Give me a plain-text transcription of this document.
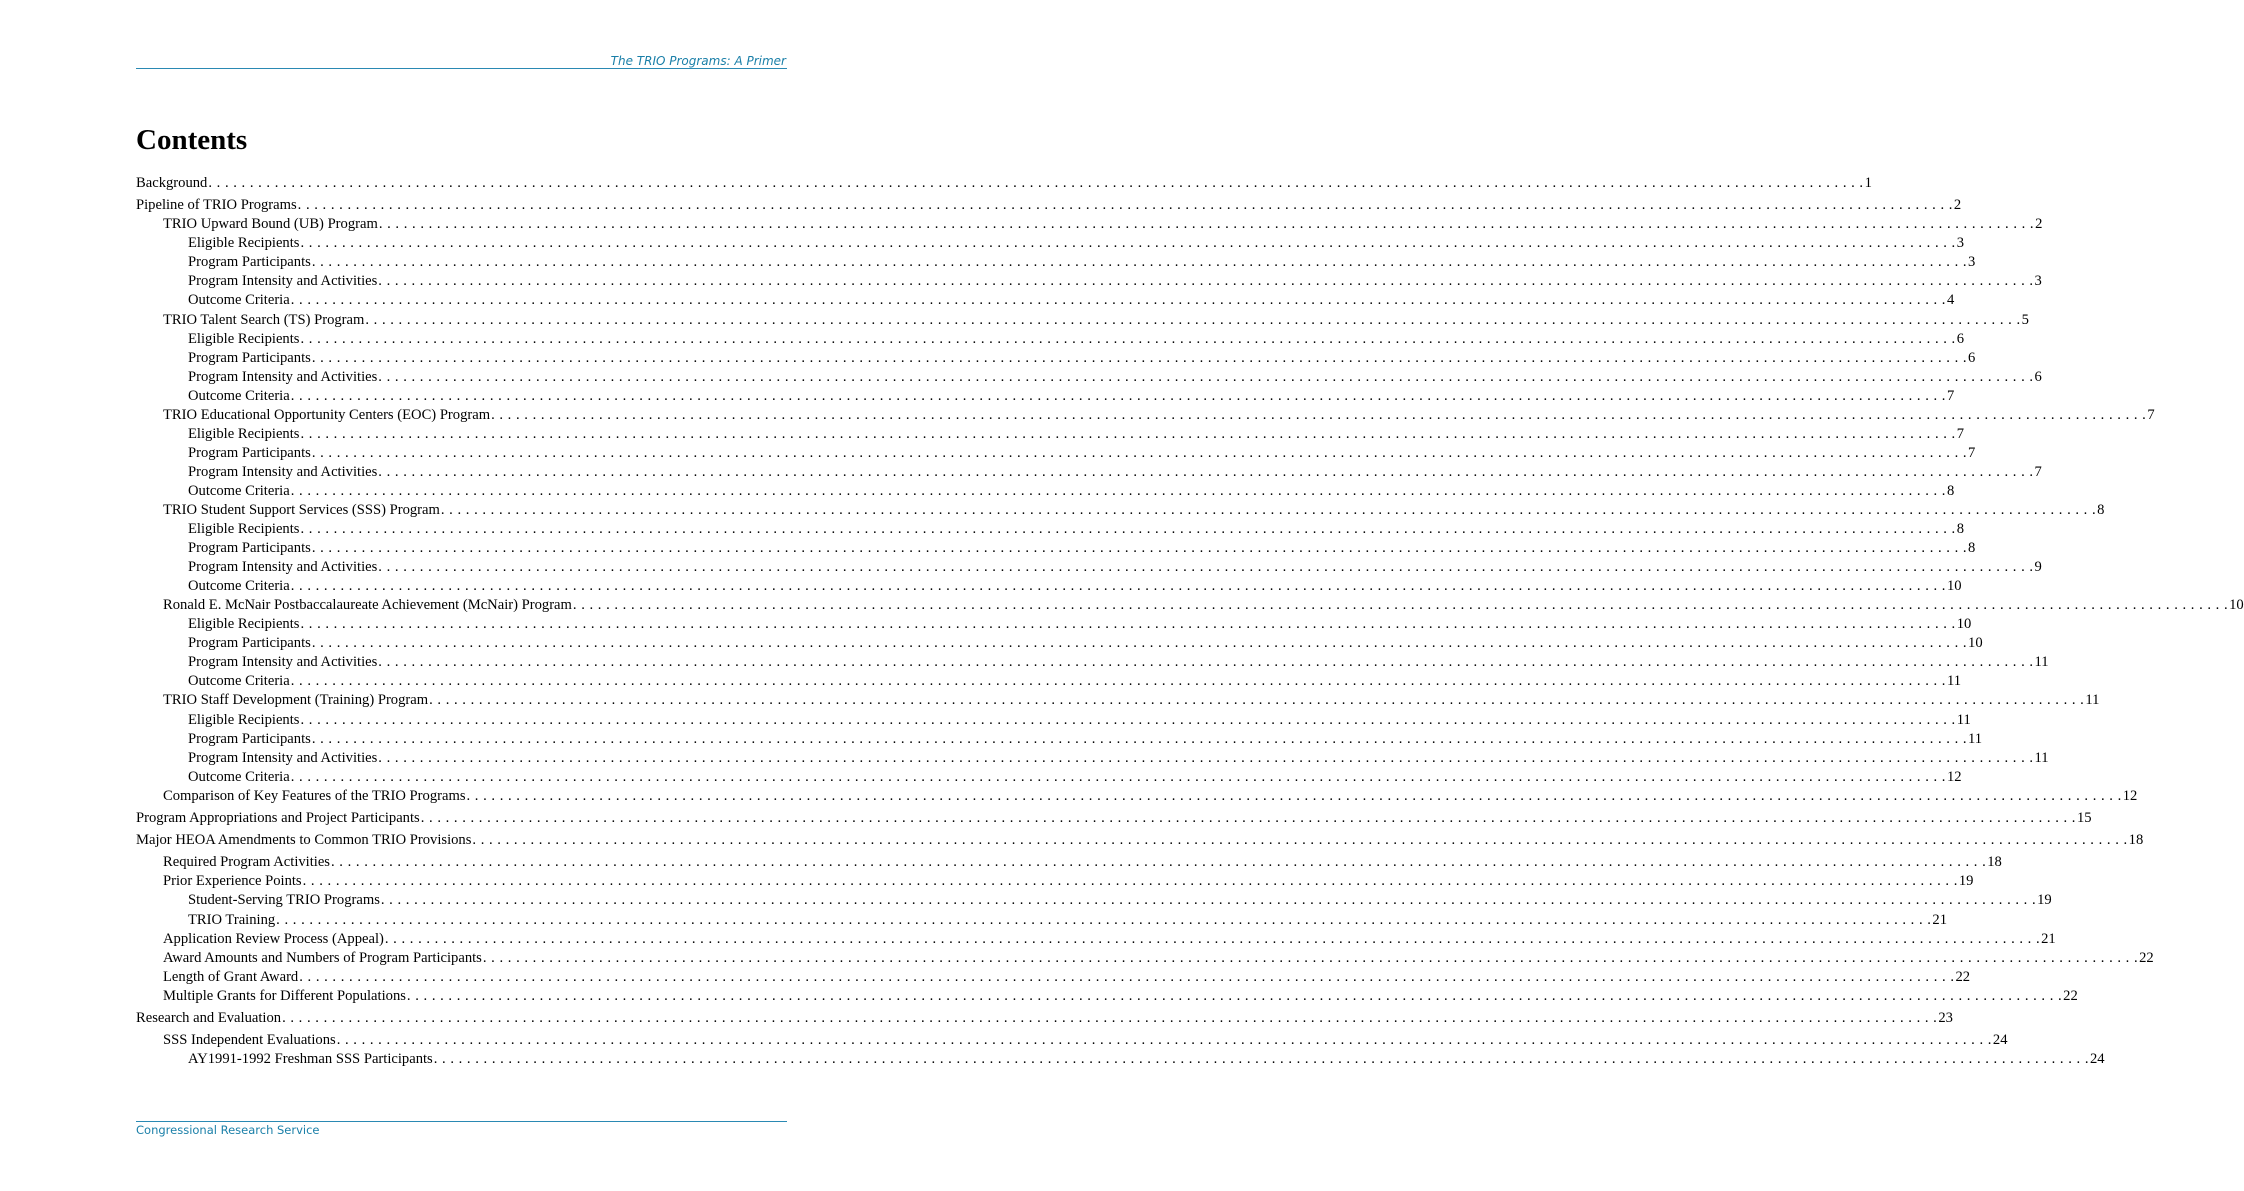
The TRIO Programs: A Primer
Contents
Background . . . . . . . . . . . . . . . . . . . . . . . . . . . . . . . . . . . . . . . . . . . . . . . . . . . . . . . . . . . . . . . . . . . . . . . . . . . . . . . . . . . . . . . . . . . . . . . . . . . . . . . . . . . . . . . . . . . . . . . . . . . . . . . . . . . . . . . . . . . . . . . . . . . . . . . . . . . . . . . . . . . . . . . . . . . . . . . . . . . . . . . . . . . . . . . . . . . . . . . . 1
Pipeline of TRIO Programs . . . . . . . . . . . . . . . . . . . . . . . . . . . . . . . . . . . . . . . . . . . . . . . . . . . . . . . . . . . . . . . . . . . . . . . . . . . . . . . . . . . . . . . . . . . . . . . . . . . . . . . . . . . . . . . . . . . . . . . . . . . . . . . . . . . . . . . . . . . . . . . . . . . . . . . . . . . . . . . . . . . . . . . . . . . . . . . . . . . . . . . . . . . . . . . . . . . . . . . . 2
TRIO Upward Bound (UB) Program . . . . . . . . . . . . . . . . . . . . . . . . . . . . . . . . . . . . . . . . . . . . . . . . . . . . . . . . . . . . . . . . . . . . . . . . . . . . . . . . . . . . . . . . . . . . . . . . . . . . . . . . . . . . . . . . . . . . . . . . . . . . . . . . . . . . . . . . . . . . . . . . . . . . . . . . . . . . . . . . . . . . . . . . . . . . . . . . . . . . . . . . . . . . . . . . . . . . . . . . 2
Eligible Recipients . . . . . . . . . . . . . . . . . . . . . . . . . . . . . . . . . . . . . . . . . . . . . . . . . . . . . . . . . . . . . . . . . . . . . . . . . . . . . . . . . . . . . . . . . . . . . . . . . . . . . . . . . . . . . . . . . . . . . . . . . . . . . . . . . . . . . . . . . . . . . . . . . . . . . . . . . . . . . . . . . . . . . . . . . . . . . . . . . . . . . . . . . . . . . . . . . . . . . . . . 3
Program Participants . . . . . . . . . . . . . . . . . . . . . . . . . . . . . . . . . . . . . . . . . . . . . . . . . . . . . . . . . . . . . . . . . . . . . . . . . . . . . . . . . . . . . . . . . . . . . . . . . . . . . . . . . . . . . . . . . . . . . . . . . . . . . . . . . . . . . . . . . . . . . . . . . . . . . . . . . . . . . . . . . . . . . . . . . . . . . . . . . . . . . . . . . . . . . . . . . . . . . . . . 3
Program Intensity and Activities . . . . . . . . . . . . . . . . . . . . . . . . . . . . . . . . . . . . . . . . . . . . . . . . . . . . . . . . . . . . . . . . . . . . . . . . . . . . . . . . . . . . . . . . . . . . . . . . . . . . . . . . . . . . . . . . . . . . . . . . . . . . . . . . . . . . . . . . . . . . . . . . . . . . . . . . . . . . . . . . . . . . . . . . . . . . . . . . . . . . . . . . . . . . . . . . . . . . . . . . 3
Outcome Criteria . . . . . . . . . . . . . . . . . . . . . . . . . . . . . . . . . . . . . . . . . . . . . . . . . . . . . . . . . . . . . . . . . . . . . . . . . . . . . . . . . . . . . . . . . . . . . . . . . . . . . . . . . . . . . . . . . . . . . . . . . . . . . . . . . . . . . . . . . . . . . . . . . . . . . . . . . . . . . . . . . . . . . . . . . . . . . . . . . . . . . . . . . . . . . . . . . . . . . . . . 4
TRIO Talent Search (TS) Program . . . . . . . . . . . . . . . . . . . . . . . . . . . . . . . . . . . . . . . . . . . . . . . . . . . . . . . . . . . . . . . . . . . . . . . . . . . . . . . . . . . . . . . . . . . . . . . . . . . . . . . . . . . . . . . . . . . . . . . . . . . . . . . . . . . . . . . . . . . . . . . . . . . . . . . . . . . . . . . . . . . . . . . . . . . . . . . . . . . . . . . . . . . . . . . . . . . . . . . . 5
Eligible Recipients . . . . . . . . . . . . . . . . . . . . . . . . . . . . . . . . . . . . . . . . . . . . . . . . . . . . . . . . . . . . . . . . . . . . . . . . . . . . . . . . . . . . . . . . . . . . . . . . . . . . . . . . . . . . . . . . . . . . . . . . . . . . . . . . . . . . . . . . . . . . . . . . . . . . . . . . . . . . . . . . . . . . . . . . . . . . . . . . . . . . . . . . . . . . . . . . . . . . . . . . 6
Program Participants . . . . . . . . . . . . . . . . . . . . . . . . . . . . . . . . . . . . . . . . . . . . . . . . . . . . . . . . . . . . . . . . . . . . . . . . . . . . . . . . . . . . . . . . . . . . . . . . . . . . . . . . . . . . . . . . . . . . . . . . . . . . . . . . . . . . . . . . . . . . . . . . . . . . . . . . . . . . . . . . . . . . . . . . . . . . . . . . . . . . . . . . . . . . . . . . . . . . . . . . 6
Program Intensity and Activities . . . . . . . . . . . . . . . . . . . . . . . . . . . . . . . . . . . . . . . . . . . . . . . . . . . . . . . . . . . . . . . . . . . . . . . . . . . . . . . . . . . . . . . . . . . . . . . . . . . . . . . . . . . . . . . . . . . . . . . . . . . . . . . . . . . . . . . . . . . . . . . . . . . . . . . . . . . . . . . . . . . . . . . . . . . . . . . . . . . . . . . . . . . . . . . . . . . . . . . . 6
Outcome Criteria . . . . . . . . . . . . . . . . . . . . . . . . . . . . . . . . . . . . . . . . . . . . . . . . . . . . . . . . . . . . . . . . . . . . . . . . . . . . . . . . . . . . . . . . . . . . . . . . . . . . . . . . . . . . . . . . . . . . . . . . . . . . . . . . . . . . . . . . . . . . . . . . . . . . . . . . . . . . . . . . . . . . . . . . . . . . . . . . . . . . . . . . . . . . . . . . . . . . . . . . 7
TRIO Educational Opportunity Centers (EOC) Program . . . . . . . . . . . . . . . . . . . . . . . . . . . . . . . . . . . . . . . . . . . . . . . . . . . . . . . . . . . . . . . . . . . . . . . . . . . . . . . . . . . . . . . . . . . . . . . . . . . . . . . . . . . . . . . . . . . . . . . . . . . . . . . . . . . . . . . . . . . . . . . . . . . . . . . . . . . . . . . . . . . . . . . . . . . . . . . . . . . . . . . . . . . . . . . . . . . . . . . . 7
Eligible Recipients . . . . . . . . . . . . . . . . . . . . . . . . . . . . . . . . . . . . . . . . . . . . . . . . . . . . . . . . . . . . . . . . . . . . . . . . . . . . . . . . . . . . . . . . . . . . . . . . . . . . . . . . . . . . . . . . . . . . . . . . . . . . . . . . . . . . . . . . . . . . . . . . . . . . . . . . . . . . . . . . . . . . . . . . . . . . . . . . . . . . . . . . . . . . . . . . . . . . . . . . 7
Program Participants . . . . . . . . . . . . . . . . . . . . . . . . . . . . . . . . . . . . . . . . . . . . . . . . . . . . . . . . . . . . . . . . . . . . . . . . . . . . . . . . . . . . . . . . . . . . . . . . . . . . . . . . . . . . . . . . . . . . . . . . . . . . . . . . . . . . . . . . . . . . . . . . . . . . . . . . . . . . . . . . . . . . . . . . . . . . . . . . . . . . . . . . . . . . . . . . . . . . . . . . 7
Program Intensity and Activities . . . . . . . . . . . . . . . . . . . . . . . . . . . . . . . . . . . . . . . . . . . . . . . . . . . . . . . . . . . . . . . . . . . . . . . . . . . . . . . . . . . . . . . . . . . . . . . . . . . . . . . . . . . . . . . . . . . . . . . . . . . . . . . . . . . . . . . . . . . . . . . . . . . . . . . . . . . . . . . . . . . . . . . . . . . . . . . . . . . . . . . . . . . . . . . . . . . . . . . . 7
Outcome Criteria . . . . . . . . . . . . . . . . . . . . . . . . . . . . . . . . . . . . . . . . . . . . . . . . . . . . . . . . . . . . . . . . . . . . . . . . . . . . . . . . . . . . . . . . . . . . . . . . . . . . . . . . . . . . . . . . . . . . . . . . . . . . . . . . . . . . . . . . . . . . . . . . . . . . . . . . . . . . . . . . . . . . . . . . . . . . . . . . . . . . . . . . . . . . . . . . . . . . . . . . 8
TRIO Student Support Services (SSS) Program . . . . . . . . . . . . . . . . . . . . . . . . . . . . . . . . . . . . . . . . . . . . . . . . . . . . . . . . . . . . . . . . . . . . . . . . . . . . . . . . . . . . . . . . . . . . . . . . . . . . . . . . . . . . . . . . . . . . . . . . . . . . . . . . . . . . . . . . . . . . . . . . . . . . . . . . . . . . . . . . . . . . . . . . . . . . . . . . . . . . . . . . . . . . . . . . . . . . . . . . 8
Eligible Recipients . . . . . . . . . . . . . . . . . . . . . . . . . . . . . . . . . . . . . . . . . . . . . . . . . . . . . . . . . . . . . . . . . . . . . . . . . . . . . . . . . . . . . . . . . . . . . . . . . . . . . . . . . . . . . . . . . . . . . . . . . . . . . . . . . . . . . . . . . . . . . . . . . . . . . . . . . . . . . . . . . . . . . . . . . . . . . . . . . . . . . . . . . . . . . . . . . . . . . . . . 8
Program Participants . . . . . . . . . . . . . . . . . . . . . . . . . . . . . . . . . . . . . . . . . . . . . . . . . . . . . . . . . . . . . . . . . . . . . . . . . . . . . . . . . . . . . . . . . . . . . . . . . . . . . . . . . . . . . . . . . . . . . . . . . . . . . . . . . . . . . . . . . . . . . . . . . . . . . . . . . . . . . . . . . . . . . . . . . . . . . . . . . . . . . . . . . . . . . . . . . . . . . . . . 8
Program Intensity and Activities . . . . . . . . . . . . . . . . . . . . . . . . . . . . . . . . . . . . . . . . . . . . . . . . . . . . . . . . . . . . . . . . . . . . . . . . . . . . . . . . . . . . . . . . . . . . . . . . . . . . . . . . . . . . . . . . . . . . . . . . . . . . . . . . . . . . . . . . . . . . . . . . . . . . . . . . . . . . . . . . . . . . . . . . . . . . . . . . . . . . . . . . . . . . . . . . . . . . . . . . 9
Outcome Criteria . . . . . . . . . . . . . . . . . . . . . . . . . . . . . . . . . . . . . . . . . . . . . . . . . . . . . . . . . . . . . . . . . . . . . . . . . . . . . . . . . . . . . . . . . . . . . . . . . . . . . . . . . . . . . . . . . . . . . . . . . . . . . . . . . . . . . . . . . . . . . . . . . . . . . . . . . . . . . . . . . . . . . . . . . . . . . . . . . . . . . . . . . . . . . . . . . . . . . . . . 10
Ronald E. McNair Postbaccalaureate Achievement (McNair) Program . . . . . . . . . . . . . . . . . . . . . . . . . . . . . . . . . . . . . . . . . . . . . . . . . . . . . . . . . . . . . . . . . . . . . . . . . . . . . . . . . . . . . . . . . . . . . . . . . . . . . . . . . . . . . . . . . . . . . . . . . . . . . . . . . . . . . . . . . . . . . . . . . . . . . . . . . . . . . . . . . . . . . . . . . . . . . . . . . . . . . . . . . . . . . . . . . . . . . . . . 10
Eligible Recipients . . . . . . . . . . . . . . . . . . . . . . . . . . . . . . . . . . . . . . . . . . . . . . . . . . . . . . . . . . . . . . . . . . . . . . . . . . . . . . . . . . . . . . . . . . . . . . . . . . . . . . . . . . . . . . . . . . . . . . . . . . . . . . . . . . . . . . . . . . . . . . . . . . . . . . . . . . . . . . . . . . . . . . . . . . . . . . . . . . . . . . . . . . . . . . . . . . . . . . . . 10
Program Participants . . . . . . . . . . . . . . . . . . . . . . . . . . . . . . . . . . . . . . . . . . . . . . . . . . . . . . . . . . . . . . . . . . . . . . . . . . . . . . . . . . . . . . . . . . . . . . . . . . . . . . . . . . . . . . . . . . . . . . . . . . . . . . . . . . . . . . . . . . . . . . . . . . . . . . . . . . . . . . . . . . . . . . . . . . . . . . . . . . . . . . . . . . . . . . . . . . . . . . . . 10
Program Intensity and Activities . . . . . . . . . . . . . . . . . . . . . . . . . . . . . . . . . . . . . . . . . . . . . . . . . . . . . . . . . . . . . . . . . . . . . . . . . . . . . . . . . . . . . . . . . . . . . . . . . . . . . . . . . . . . . . . . . . . . . . . . . . . . . . . . . . . . . . . . . . . . . . . . . . . . . . . . . . . . . . . . . . . . . . . . . . . . . . . . . . . . . . . . . . . . . . . . . . . . . . . . 11
Outcome Criteria . . . . . . . . . . . . . . . . . . . . . . . . . . . . . . . . . . . . . . . . . . . . . . . . . . . . . . . . . . . . . . . . . . . . . . . . . . . . . . . . . . . . . . . . . . . . . . . . . . . . . . . . . . . . . . . . . . . . . . . . . . . . . . . . . . . . . . . . . . . . . . . . . . . . . . . . . . . . . . . . . . . . . . . . . . . . . . . . . . . . . . . . . . . . . . . . . . . . . . . . 11
TRIO Staff Development (Training) Program . . . . . . . . . . . . . . . . . . . . . . . . . . . . . . . . . . . . . . . . . . . . . . . . . . . . . . . . . . . . . . . . . . . . . . . . . . . . . . . . . . . . . . . . . . . . . . . . . . . . . . . . . . . . . . . . . . . . . . . . . . . . . . . . . . . . . . . . . . . . . . . . . . . . . . . . . . . . . . . . . . . . . . . . . . . . . . . . . . . . . . . . . . . . . . . . . . . . . . . . 11
Eligible Recipients . . . . . . . . . . . . . . . . . . . . . . . . . . . . . . . . . . . . . . . . . . . . . . . . . . . . . . . . . . . . . . . . . . . . . . . . . . . . . . . . . . . . . . . . . . . . . . . . . . . . . . . . . . . . . . . . . . . . . . . . . . . . . . . . . . . . . . . . . . . . . . . . . . . . . . . . . . . . . . . . . . . . . . . . . . . . . . . . . . . . . . . . . . . . . . . . . . . . . . . . 11
Program Participants . . . . . . . . . . . . . . . . . . . . . . . . . . . . . . . . . . . . . . . . . . . . . . . . . . . . . . . . . . . . . . . . . . . . . . . . . . . . . . . . . . . . . . . . . . . . . . . . . . . . . . . . . . . . . . . . . . . . . . . . . . . . . . . . . . . . . . . . . . . . . . . . . . . . . . . . . . . . . . . . . . . . . . . . . . . . . . . . . . . . . . . . . . . . . . . . . . . . . . . . 11
Program Intensity and Activities . . . . . . . . . . . . . . . . . . . . . . . . . . . . . . . . . . . . . . . . . . . . . . . . . . . . . . . . . . . . . . . . . . . . . . . . . . . . . . . . . . . . . . . . . . . . . . . . . . . . . . . . . . . . . . . . . . . . . . . . . . . . . . . . . . . . . . . . . . . . . . . . . . . . . . . . . . . . . . . . . . . . . . . . . . . . . . . . . . . . . . . . . . . . . . . . . . . . . . . . 11
Outcome Criteria . . . . . . . . . . . . . . . . . . . . . . . . . . . . . . . . . . . . . . . . . . . . . . . . . . . . . . . . . . . . . . . . . . . . . . . . . . . . . . . . . . . . . . . . . . . . . . . . . . . . . . . . . . . . . . . . . . . . . . . . . . . . . . . . . . . . . . . . . . . . . . . . . . . . . . . . . . . . . . . . . . . . . . . . . . . . . . . . . . . . . . . . . . . . . . . . . . . . . . . . 12
Comparison of Key Features of the TRIO Programs . . . . . . . . . . . . . . . . . . . . . . . . . . . . . . . . . . . . . . . . . . . . . . . . . . . . . . . . . . . . . . . . . . . . . . . . . . . . . . . . . . . . . . . . . . . . . . . . . . . . . . . . . . . . . . . . . . . . . . . . . . . . . . . . . . . . . . . . . . . . . . . . . . . . . . . . . . . . . . . . . . . . . . . . . . . . . . . . . . . . . . . . . . . . . . . . . . . . . . . . 12
Program Appropriations and Project Participants . . . . . . . . . . . . . . . . . . . . . . . . . . . . . . . . . . . . . . . . . . . . . . . . . . . . . . . . . . . . . . . . . . . . . . . . . . . . . . . . . . . . . . . . . . . . . . . . . . . . . . . . . . . . . . . . . . . . . . . . . . . . . . . . . . . . . . . . . . . . . . . . . . . . . . . . . . . . . . . . . . . . . . . . . . . . . . . . . . . . . . . . . . . . . . . . . . . . . . . . 15
Major HEOA Amendments to Common TRIO Provisions . . . . . . . . . . . . . . . . . . . . . . . . . . . . . . . . . . . . . . . . . . . . . . . . . . . . . . . . . . . . . . . . . . . . . . . . . . . . . . . . . . . . . . . . . . . . . . . . . . . . . . . . . . . . . . . . . . . . . . . . . . . . . . . . . . . . . . . . . . . . . . . . . . . . . . . . . . . . . . . . . . . . . . . . . . . . . . . . . . . . . . . . . . . . . . . . . . . . . . . . 18
Required Program Activities . . . . . . . . . . . . . . . . . . . . . . . . . . . . . . . . . . . . . . . . . . . . . . . . . . . . . . . . . . . . . . . . . . . . . . . . . . . . . . . . . . . . . . . . . . . . . . . . . . . . . . . . . . . . . . . . . . . . . . . . . . . . . . . . . . . . . . . . . . . . . . . . . . . . . . . . . . . . . . . . . . . . . . . . . . . . . . . . . . . . . . . . . . . . . . . . . . . . . . . . 18
Prior Experience Points . . . . . . . . . . . . . . . . . . . . . . . . . . . . . . . . . . . . . . . . . . . . . . . . . . . . . . . . . . . . . . . . . . . . . . . . . . . . . . . . . . . . . . . . . . . . . . . . . . . . . . . . . . . . . . . . . . . . . . . . . . . . . . . . . . . . . . . . . . . . . . . . . . . . . . . . . . . . . . . . . . . . . . . . . . . . . . . . . . . . . . . . . . . . . . . . . . . . . . . . 19
Student-Serving TRIO Programs . . . . . . . . . . . . . . . . . . . . . . . . . . . . . . . . . . . . . . . . . . . . . . . . . . . . . . . . . . . . . . . . . . . . . . . . . . . . . . . . . . . . . . . . . . . . . . . . . . . . . . . . . . . . . . . . . . . . . . . . . . . . . . . . . . . . . . . . . . . . . . . . . . . . . . . . . . . . . . . . . . . . . . . . . . . . . . . . . . . . . . . . . . . . . . . . . . . . . . . . 19
TRIO Training . . . . . . . . . . . . . . . . . . . . . . . . . . . . . . . . . . . . . . . . . . . . . . . . . . . . . . . . . . . . . . . . . . . . . . . . . . . . . . . . . . . . . . . . . . . . . . . . . . . . . . . . . . . . . . . . . . . . . . . . . . . . . . . . . . . . . . . . . . . . . . . . . . . . . . . . . . . . . . . . . . . . . . . . . . . . . . . . . . . . . . . . . . . . . . . . . . . . . . . . 21
Application Review Process (Appeal) . . . . . . . . . . . . . . . . . . . . . . . . . . . . . . . . . . . . . . . . . . . . . . . . . . . . . . . . . . . . . . . . . . . . . . . . . . . . . . . . . . . . . . . . . . . . . . . . . . . . . . . . . . . . . . . . . . . . . . . . . . . . . . . . . . . . . . . . . . . . . . . . . . . . . . . . . . . . . . . . . . . . . . . . . . . . . . . . . . . . . . . . . . . . . . . . . . . . . . . . 21
Award Amounts and Numbers of Program Participants . . . . . . . . . . . . . . . . . . . . . . . . . . . . . . . . . . . . . . . . . . . . . . . . . . . . . . . . . . . . . . . . . . . . . . . . . . . . . . . . . . . . . . . . . . . . . . . . . . . . . . . . . . . . . . . . . . . . . . . . . . . . . . . . . . . . . . . . . . . . . . . . . . . . . . . . . . . . . . . . . . . . . . . . . . . . . . . . . . . . . . . . . . . . . . . . . . . . . . . . 22
Length of Grant Award . . . . . . . . . . . . . . . . . . . . . . . . . . . . . . . . . . . . . . . . . . . . . . . . . . . . . . . . . . . . . . . . . . . . . . . . . . . . . . . . . . . . . . . . . . . . . . . . . . . . . . . . . . . . . . . . . . . . . . . . . . . . . . . . . . . . . . . . . . . . . . . . . . . . . . . . . . . . . . . . . . . . . . . . . . . . . . . . . . . . . . . . . . . . . . . . . . . . . . . . 22
Multiple Grants for Different Populations . . . . . . . . . . . . . . . . . . . . . . . . . . . . . . . . . . . . . . . . . . . . . . . . . . . . . . . . . . . . . . . . . . . . . . . . . . . . . . . . . . . . . . . . . . . . . . . . . . . . . . . . . . . . . . . . . . . . . . . . . . . . . . . . . . . . . . . . . . . . . . . . . . . . . . . . . . . . . . . . . . . . . . . . . . . . . . . . . . . . . . . . . . . . . . . . . . . . . . . . 22
Research and Evaluation . . . . . . . . . . . . . . . . . . . . . . . . . . . . . . . . . . . . . . . . . . . . . . . . . . . . . . . . . . . . . . . . . . . . . . . . . . . . . . . . . . . . . . . . . . . . . . . . . . . . . . . . . . . . . . . . . . . . . . . . . . . . . . . . . . . . . . . . . . . . . . . . . . . . . . . . . . . . . . . . . . . . . . . . . . . . . . . . . . . . . . . . . . . . . . . . . . . . . . . . 23
SSS Independent Evaluations . . . . . . . . . . . . . . . . . . . . . . . . . . . . . . . . . . . . . . . . . . . . . . . . . . . . . . . . . . . . . . . . . . . . . . . . . . . . . . . . . . . . . . . . . . . . . . . . . . . . . . . . . . . . . . . . . . . . . . . . . . . . . . . . . . . . . . . . . . . . . . . . . . . . . . . . . . . . . . . . . . . . . . . . . . . . . . . . . . . . . . . . . . . . . . . . . . . . . . . . 24
AY1991-1992 Freshman SSS Participants . . . . . . . . . . . . . . . . . . . . . . . . . . . . . . . . . . . . . . . . . . . . . . . . . . . . . . . . . . . . . . . . . . . . . . . . . . . . . . . . . . . . . . . . . . . . . . . . . . . . . . . . . . . . . . . . . . . . . . . . . . . . . . . . . . . . . . . . . . . . . . . . . . . . . . . . . . . . . . . . . . . . . . . . . . . . . . . . . . . . . . . . . . . . . . . . . . . . . . . . 24
Congressional Research Service
